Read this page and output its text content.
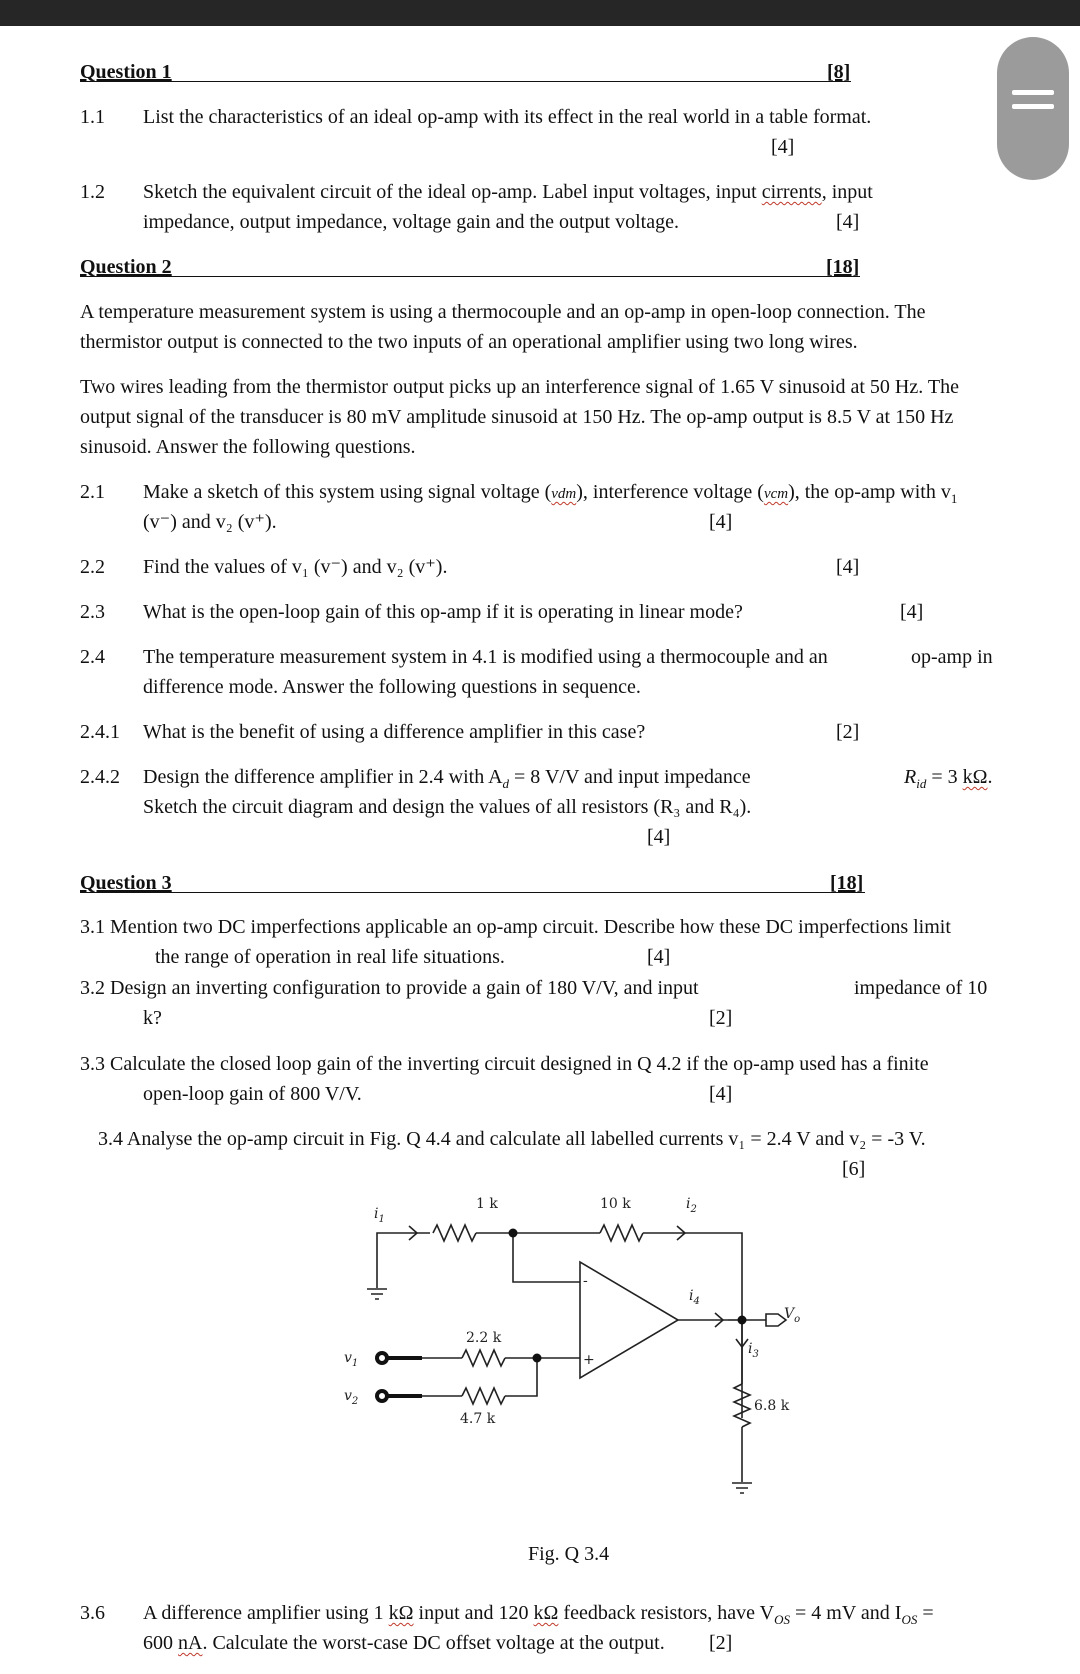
Question 1	[8]
1.1 List the characteristics of an ideal op-amp with its effect in the real world in a table format.
[4]
1.2 Sketch the equivalent circuit of the ideal op-amp. Label input voltages, input cirrents, input
impedance, output impedance, voltage gain and the output voltage.	[4]
Question 2	[18]
A temperature measurement system is using a thermocouple and an op-amp in open-loop connection. The
thermistor output is connected to the two inputs of an operational amplifier using two long wires.
Two wires leading from the thermistor output picks up an interference signal of 1.65 V sinusoid at 50 Hz. The
output signal of the transducer is 80 mV amplitude sinusoid at 150 Hz. The op-amp output is 8.5 V at 150 Hz
sinusoid. Answer the following questions.
2.1 Make a sketch of this system using signal voltage (vdm), interference voltage (vcm), the op-amp with $v_1$
(v⁻) and v₂ (v⁺).	[4]
2.2 Find the values of v₁ (v⁻) and v₂ (v⁺).	[4]
2.3 What is the open-loop gain of this op-amp if it is operating in linear mode?	[4]
2.4 The temperature measurement system in 4.1 is modified using a thermocouple and an	op-amp in
difference mode. Answer the following questions in sequence.
2.4.1 What is the benefit of using a difference amplifier in this case?	[2]
2.4.2 Design the difference amplifier in 2.4 with $A_d = 8$ V/V and input impedance	$R_{id} = 3$ kΩ.
Sketch the circuit diagram and design the values of all resistors (R₃ and R₄).
[4]
Question 3	[18]
3.1 Mention two DC imperfections applicable an op-amp circuit. Describe how these DC imperfections limit
the range of operation in real life situations.	[4]
3.2 Design an inverting configuration to provide a gain of 180 V/V, and input	impedance of 10
k?	[2]
3.3 Calculate the closed loop gain of the inverting circuit designed in Q 4.2 if the op-amp used has a finite
open-loop gain of 800 V/V.	[4]
3.4 Analyse the op-amp circuit in Fig. Q 4.4 and calculate all labelled currents v₁ = 2.4 V and v₂ = -3 V.
[6]
1 k	10 k
2.2 k
4.7 k
6.8 k
-
+
$i_1$
$i_2$
$i_3$
$i_4$
$V_o$
$v_1$
$v_2$
Fig. Q 3.4
3.6 A difference amplifier using 1 kΩ input and 120 kΩ feedback resistors, have $V_{OS} = 4$ mV and $I_{OS}$ =
600 nA. Calculate the worst-case DC offset voltage at the output. [2]
